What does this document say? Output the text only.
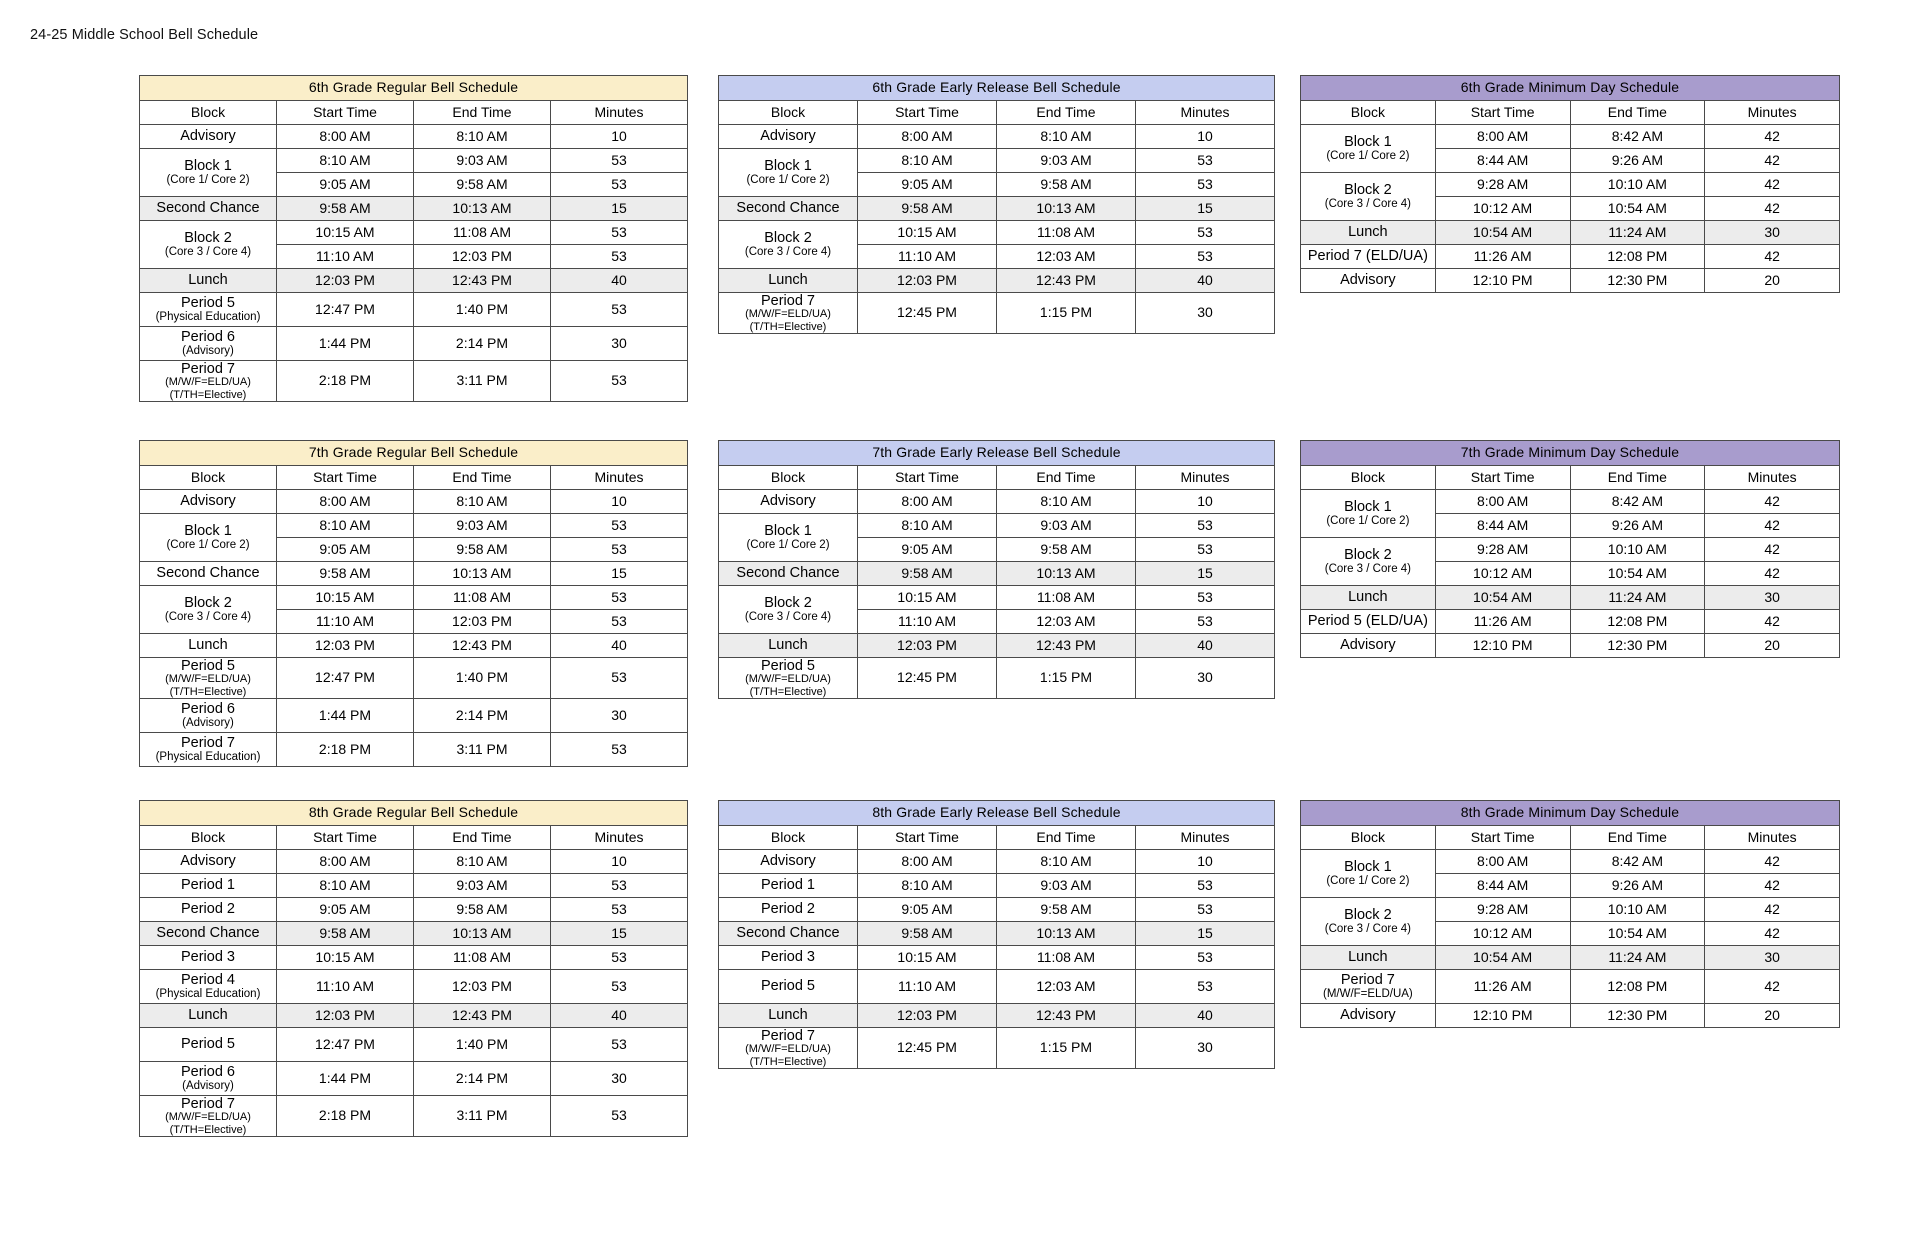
24-25 Middle School Bell Schedule
6th Grade Regular Bell Schedule			
Block	Start Time	End Time	Minutes

Advisory	8:00 AM	8:10 AM	10

Block 1
(Core 1/ Core 2)	8:10 AM	9:03 AM	53
	9:05 AM	9:58 AM	53

Second Chance	9:58 AM	10:13 AM	15

Block 2
(Core 3 / Core 4)	10:15 AM	11:08 AM	53
	11:10 AM	12:03 PM	53

Lunch	12:03 PM	12:43 PM	40

Period 5
(Physical Education)	12:47 PM	1:40 PM	53

Period 6
(Advisory)	1:44 PM	2:14 PM	30

Period 7
(M/W/F=ELD/UA) (T/TH=Elective)	2:18 PM	3:11 PM	53
6th Grade Early Release Bell Schedule			
Block	Start Time	End Time	Minutes

Advisory	8:00 AM	8:10 AM	10

Block 1
(Core 1/ Core 2)	8:10 AM	9:03 AM	53
	9:05 AM	9:58 AM	53

Second Chance	9:58 AM	10:13 AM	15

Block 2
(Core 3 / Core 4)	10:15 AM	11:08 AM	53
	11:10 AM	12:03 AM	53

Lunch	12:03 PM	12:43 PM	40

Period 7
(M/W/F=ELD/UA) (T/TH=Elective)	12:45 PM	1:15 PM	30
6th Grade Minimum Day Schedule			
Block	Start Time	End Time	Minutes

Block 1
(Core 1/ Core 2)	8:00 AM	8:42 AM	42
	8:44 AM	9:26 AM	42

Block 2
(Core 3 / Core 4)	9:28 AM	10:10 AM	42
	10:12 AM	10:54 AM	42

Lunch	10:54 AM	11:24 AM	30

Period 7 (ELD/UA)	11:26 AM	12:08 PM	42

Advisory	12:10 PM	12:30 PM	20
7th Grade Regular Bell Schedule			
Block	Start Time	End Time	Minutes

Advisory	8:00 AM	8:10 AM	10

Block 1
(Core 1/ Core 2)	8:10 AM	9:03 AM	53
	9:05 AM	9:58 AM	53

Second Chance	9:58 AM	10:13 AM	15

Block 2
(Core 3 / Core 4)	10:15 AM	11:08 AM	53
	11:10 AM	12:03 PM	53

Lunch	12:03 PM	12:43 PM	40

Period 5
(M/W/F=ELD/UA) (T/TH=Elective)	12:47 PM	1:40 PM	53

Period 6
(Advisory)	1:44 PM	2:14 PM	30

Period 7
(Physical Education)	2:18 PM	3:11 PM	53
7th Grade Early Release Bell Schedule			
Block	Start Time	End Time	Minutes

Advisory	8:00 AM	8:10 AM	10

Block 1
(Core 1/ Core 2)	8:10 AM	9:03 AM	53
	9:05 AM	9:58 AM	53

Second Chance	9:58 AM	10:13 AM	15

Block 2
(Core 3 / Core 4)	10:15 AM	11:08 AM	53
	11:10 AM	12:03 AM	53

Lunch	12:03 PM	12:43 PM	40

Period 5
(M/W/F=ELD/UA) (T/TH=Elective)	12:45 PM	1:15 PM	30
7th Grade Minimum Day Schedule			
Block	Start Time	End Time	Minutes

Block 1
(Core 1/ Core 2)	8:00 AM	8:42 AM	42
	8:44 AM	9:26 AM	42

Block 2
(Core 3 / Core 4)	9:28 AM	10:10 AM	42
	10:12 AM	10:54 AM	42

Lunch	10:54 AM	11:24 AM	30

Period 5 (ELD/UA)	11:26 AM	12:08 PM	42

Advisory	12:10 PM	12:30 PM	20
8th Grade Regular Bell Schedule			
Block	Start Time	End Time	Minutes

Advisory	8:00 AM	8:10 AM	10

Period 1	8:10 AM	9:03 AM	53

Period 2	9:05 AM	9:58 AM	53

Second Chance	9:58 AM	10:13 AM	15

Period 3	10:15 AM	11:08 AM	53

Period 4
(Physical Education)	11:10 AM	12:03 PM	53

Lunch	12:03 PM	12:43 PM	40

Period 5	12:47 PM	1:40 PM	53

Period 6
(Advisory)	1:44 PM	2:14 PM	30

Period 7
(M/W/F=ELD/UA) (T/TH=Elective)	2:18 PM	3:11 PM	53
8th Grade Early Release Bell Schedule			
Block	Start Time	End Time	Minutes

Advisory	8:00 AM	8:10 AM	10

Period 1	8:10 AM	9:03 AM	53

Period 2	9:05 AM	9:58 AM	53

Second Chance	9:58 AM	10:13 AM	15

Period 3	10:15 AM	11:08 AM	53

Period 5	11:10 AM	12:03 AM	53

Lunch	12:03 PM	12:43 PM	40

Period 7
(M/W/F=ELD/UA) (T/TH=Elective)	12:45 PM	1:15 PM	30
8th Grade Minimum Day Schedule			
Block	Start Time	End Time	Minutes

Block 1
(Core 1/ Core 2)	8:00 AM	8:42 AM	42
	8:44 AM	9:26 AM	42

Block 2
(Core 3 / Core 4)	9:28 AM	10:10 AM	42
	10:12 AM	10:54 AM	42

Lunch	10:54 AM	11:24 AM	30

Period 7
(M/W/F=ELD/UA)	11:26 AM	12:08 PM	42

Advisory	12:10 PM	12:30 PM	20
